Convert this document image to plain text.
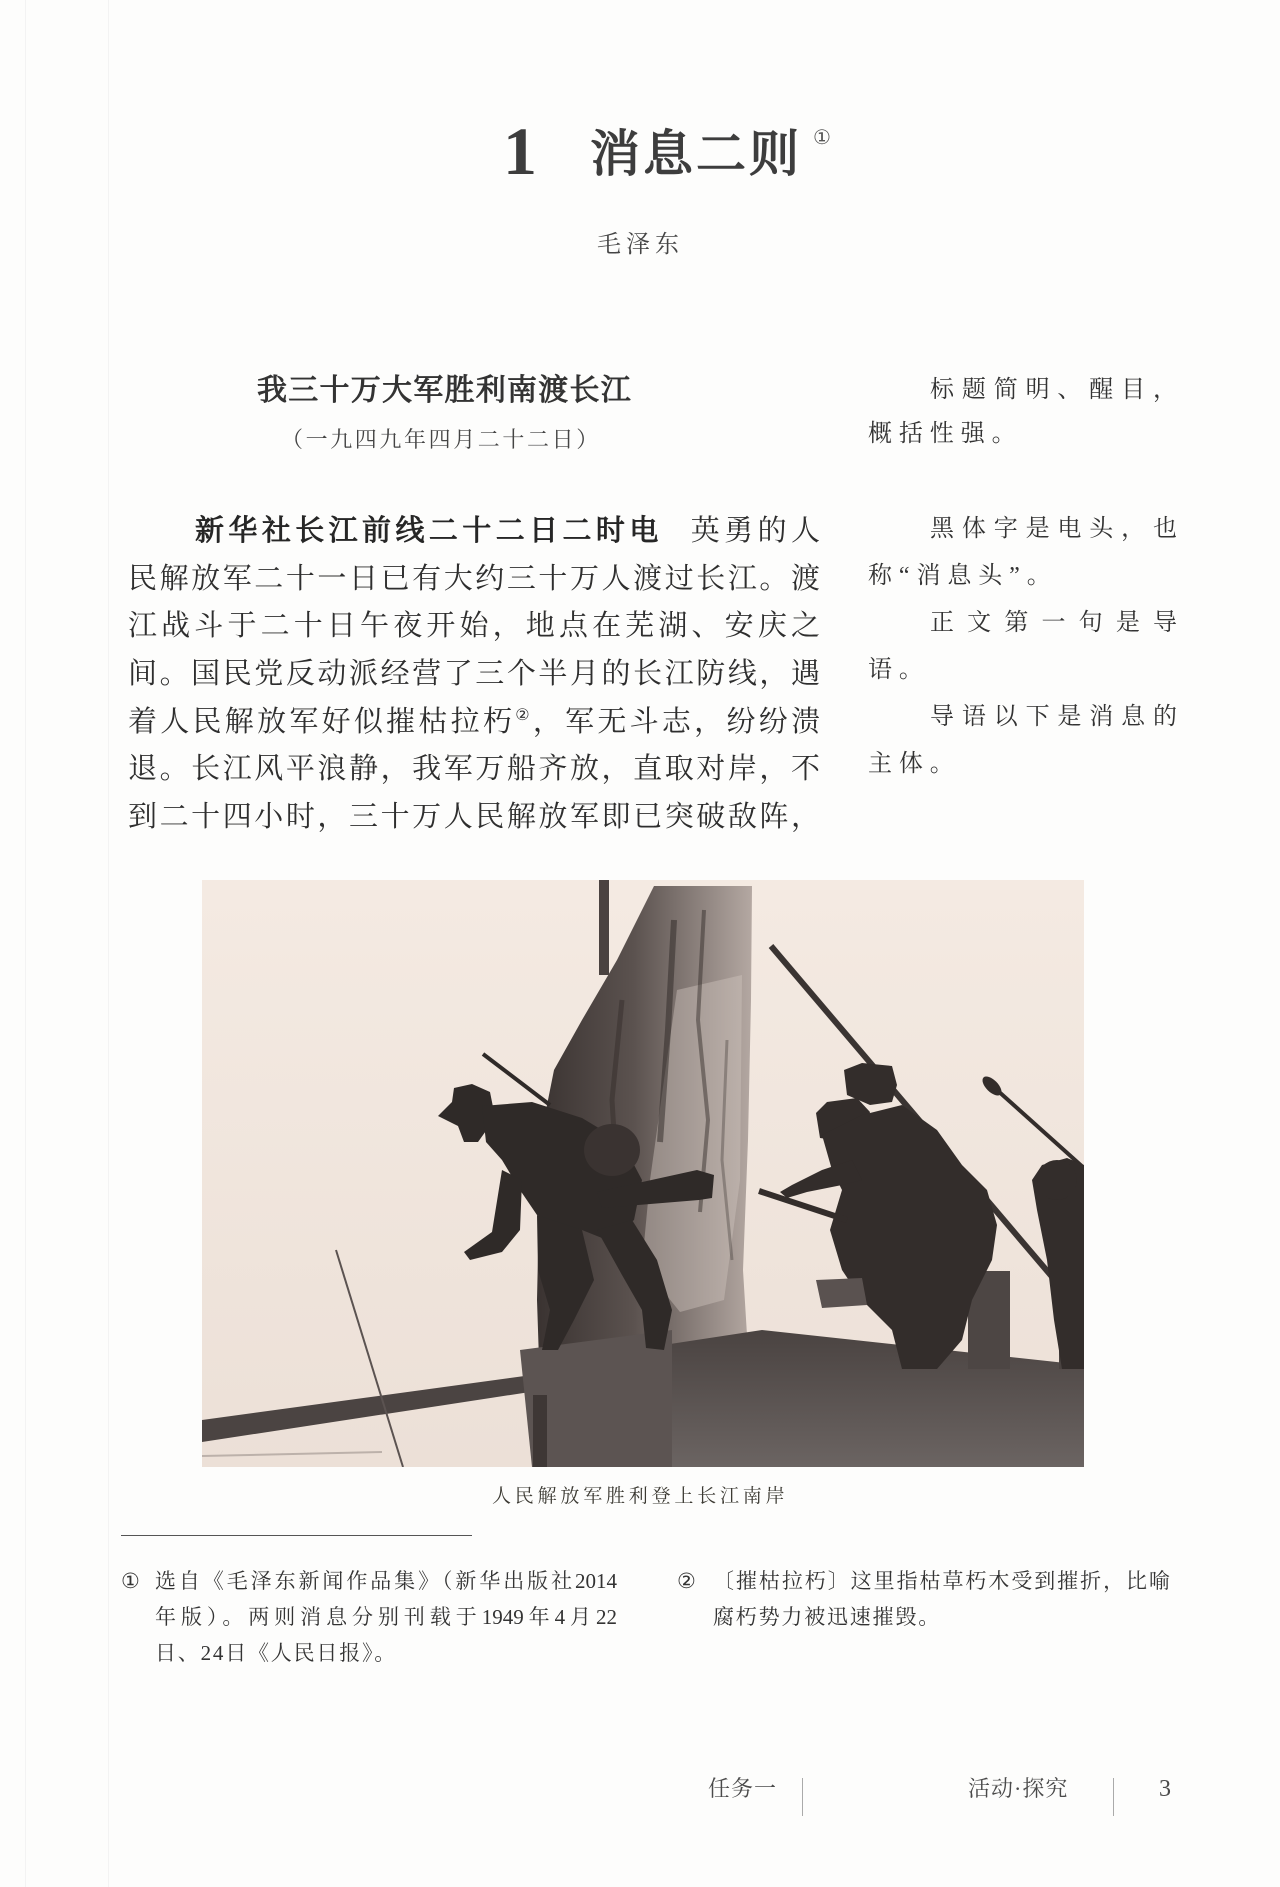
1 消息二则 ①
毛泽东
我三十万大军胜利南渡长江
（一九四九年四月二十二日）
新华社长江前线二十二日二时电 英勇的人
民解放军二十一日已有大约三十万人渡过长江。渡
江战斗于二十日午夜开始，地点在芜湖、安庆之
间。国民党反动派经营了三个半月的长江防线，遇
着人民解放军好似摧枯拉朽②，军无斗志，纷纷溃
退。长江风平浪静，我军万船齐放，直取对岸，不
到二十四小时，三十万人民解放军即已突破敌阵，
标题简明、醒目，
概括性强。
黑体字是电头，也
称“消息头”。
正文第一句是导
语。
导语以下是消息的
主体。
人民解放军胜利登上长江南岸
① 选自《毛泽东新闻作品集》（新华出版社2014
年版）。两则消息分别刊载于1949年4月22
日、24日《人民日报》。
② 〔摧枯拉朽〕这里指枯草朽木受到摧折，比喻
腐朽势力被迅速摧毁。
任务一	活动·探究	3
